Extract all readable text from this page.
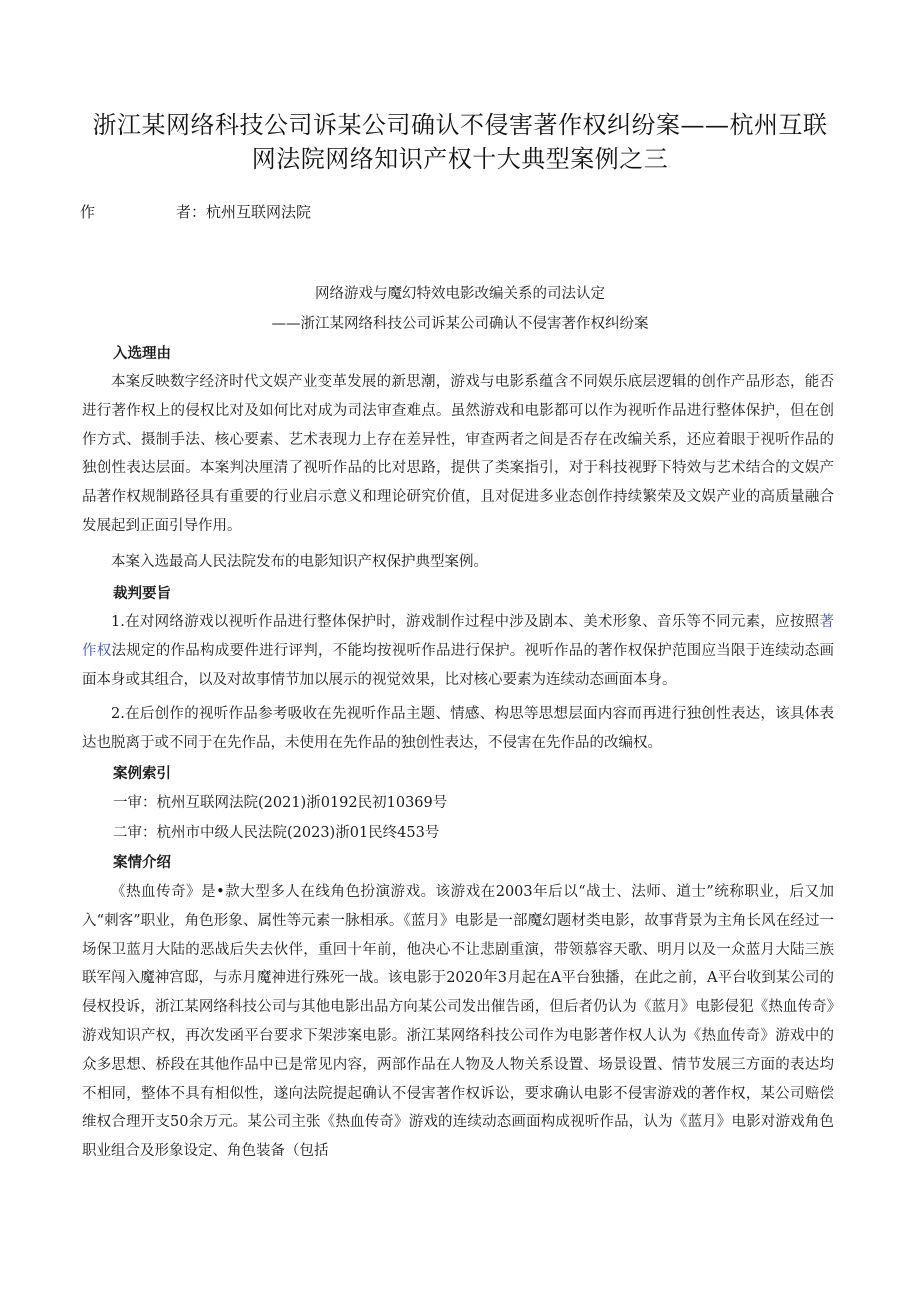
浙江某网络科技公司诉某公司确认不侵害著作权纠纷案——杭州互联
网法院网络知识产权十大典型案例之三
作	者：杭州互联网法院
网络游戏与魔幻特效电影改编关系的司法认定
——浙江某网络科技公司诉某公司确认不侵害著作权纠纷案
入选理由

本案反映数字经济时代文娱产业变革发展的新思潮，游戏与电影系蕴含不同娱乐底层逻辑的创作产品形态，能否进行著作权上的侵权比对及如何比对成为司法审查难点。虽然游戏和电影都可以作为视听作品进行整体保护，但在创作方式、摄制手法、核心要素、艺术表现力上存在差异性，审查两者之间是否存在改编关系，还应着眼于视听作品的独创性表达层面。本案判决厘清了视听作品的比对思路，提供了类案指引，对于科技视野下特效与艺术结合的文娱产品著作权规制路径具有重要的行业启示意义和理论研究价值，且对促进多业态创作持续繁荣及文娱产业的高质量融合发展起到正面引导作用。

本案入选最高人民法院发布的电影知识产权保护典型案例。

裁判要旨

1.在对网络游戏以视听作品进行整体保护时，游戏制作过程中涉及剧本、美术形象、音乐等不同元素，应按照著作权法规定的作品构成要件进行评判，不能均按视听作品进行保护。视听作品的著作权保护范围应当限于连续动态画面本身或其组合，以及对故事情节加以展示的视觉效果，比对核心要素为连续动态画面本身。

2.在后创作的视听作品参考吸收在先视听作品主题、情感、构思等思想层面内容而再进行独创性表达，该具体表达也脱离于或不同于在先作品，未使用在先作品的独创性表达，不侵害在先作品的改编权。

案例索引
一审：杭州互联网法院(2021)浙0192民初10369号
二审：杭州市中级人民法院(2023)浙01民终453号
案情介绍

《热血传奇》是•款大型多人在线角色扮演游戏。该游戏在2003年后以“战士、法师、道士”统称职业，后又加入“刺客”职业，角色形象、属性等元素一脉相承。《蓝月》电影是一部魔幻题材类电影，故事背景为主角长风在经过一场保卫蓝月大陆的恶战后失去伙伴，重回十年前，他决心不让悲剧重演，带领慕容天歌、明月以及一众蓝月大陆三族联军闯入魔神宫邸，与赤月魔神进行殊死一战。该电影于2020年3月起在A平台独播，在此之前，A平台收到某公司的侵权投诉，浙江某网络科技公司与其他电影出品方向某公司发出催告函，但后者仍认为《蓝月》电影侵犯《热血传奇》游戏知识产权，再次发函平台要求下架涉案电影。浙江某网络科技公司作为电影著作权人认为《热血传奇》游戏中的众多思想、桥段在其他作品中已是常见内容，两部作品在人物及人物关系设置、场景设置、情节发展三方面的表达均不相同，整体不具有相似性，遂向法院提起确认不侵害著作权诉讼，要求确认电影不侵害游戏的著作权，某公司赔偿维权合理开支50余万元。某公司主张《热血传奇》游戏的连续动态画面构成视听作品，认为《蓝月》电影对游戏角色职业组合及形象设定、角色装备（包括
